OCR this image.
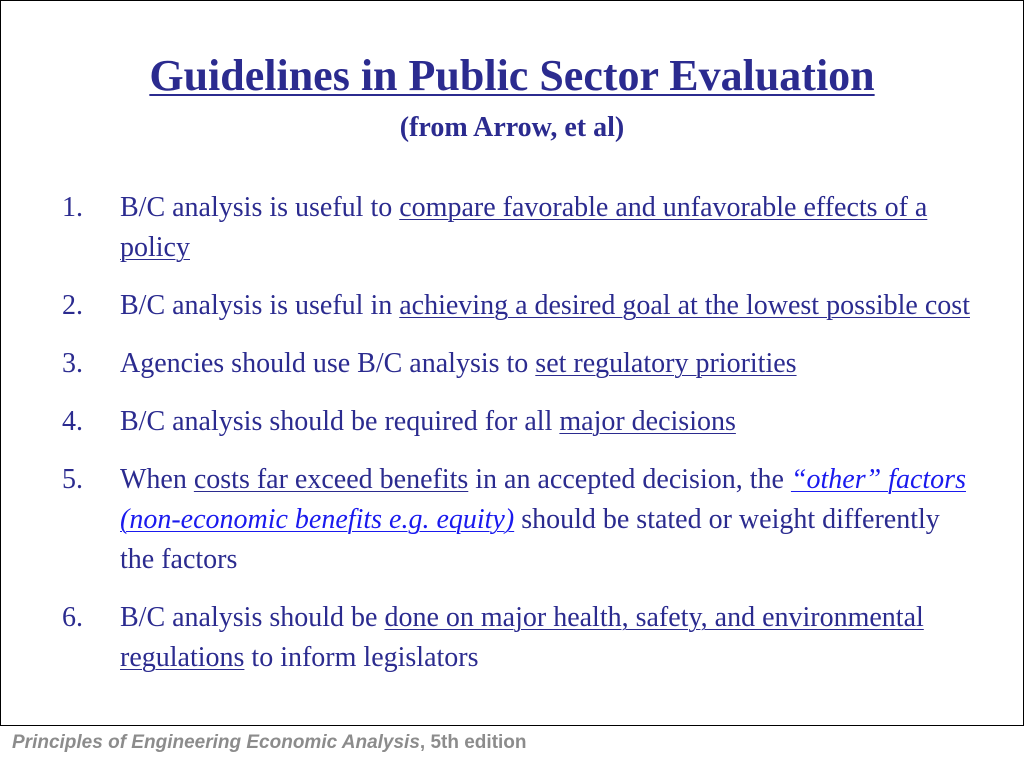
Guidelines in Public Sector Evaluation
(from Arrow, et al)
1. B/C analysis is useful to compare favorable and unfavorable effects of a policy
2. B/C analysis is useful in achieving a desired goal at the lowest possible cost
3. Agencies should use B/C analysis to set regulatory priorities
4. B/C analysis should be required for all major decisions
5. When costs far exceed benefits in an accepted decision, the “other” factors (non-economic benefits e.g. equity) should be stated or weight differently the factors
6. B/C analysis should be done on major health, safety, and environmental regulations to inform legislators
Principles of Engineering Economic Analysis, 5th edition
